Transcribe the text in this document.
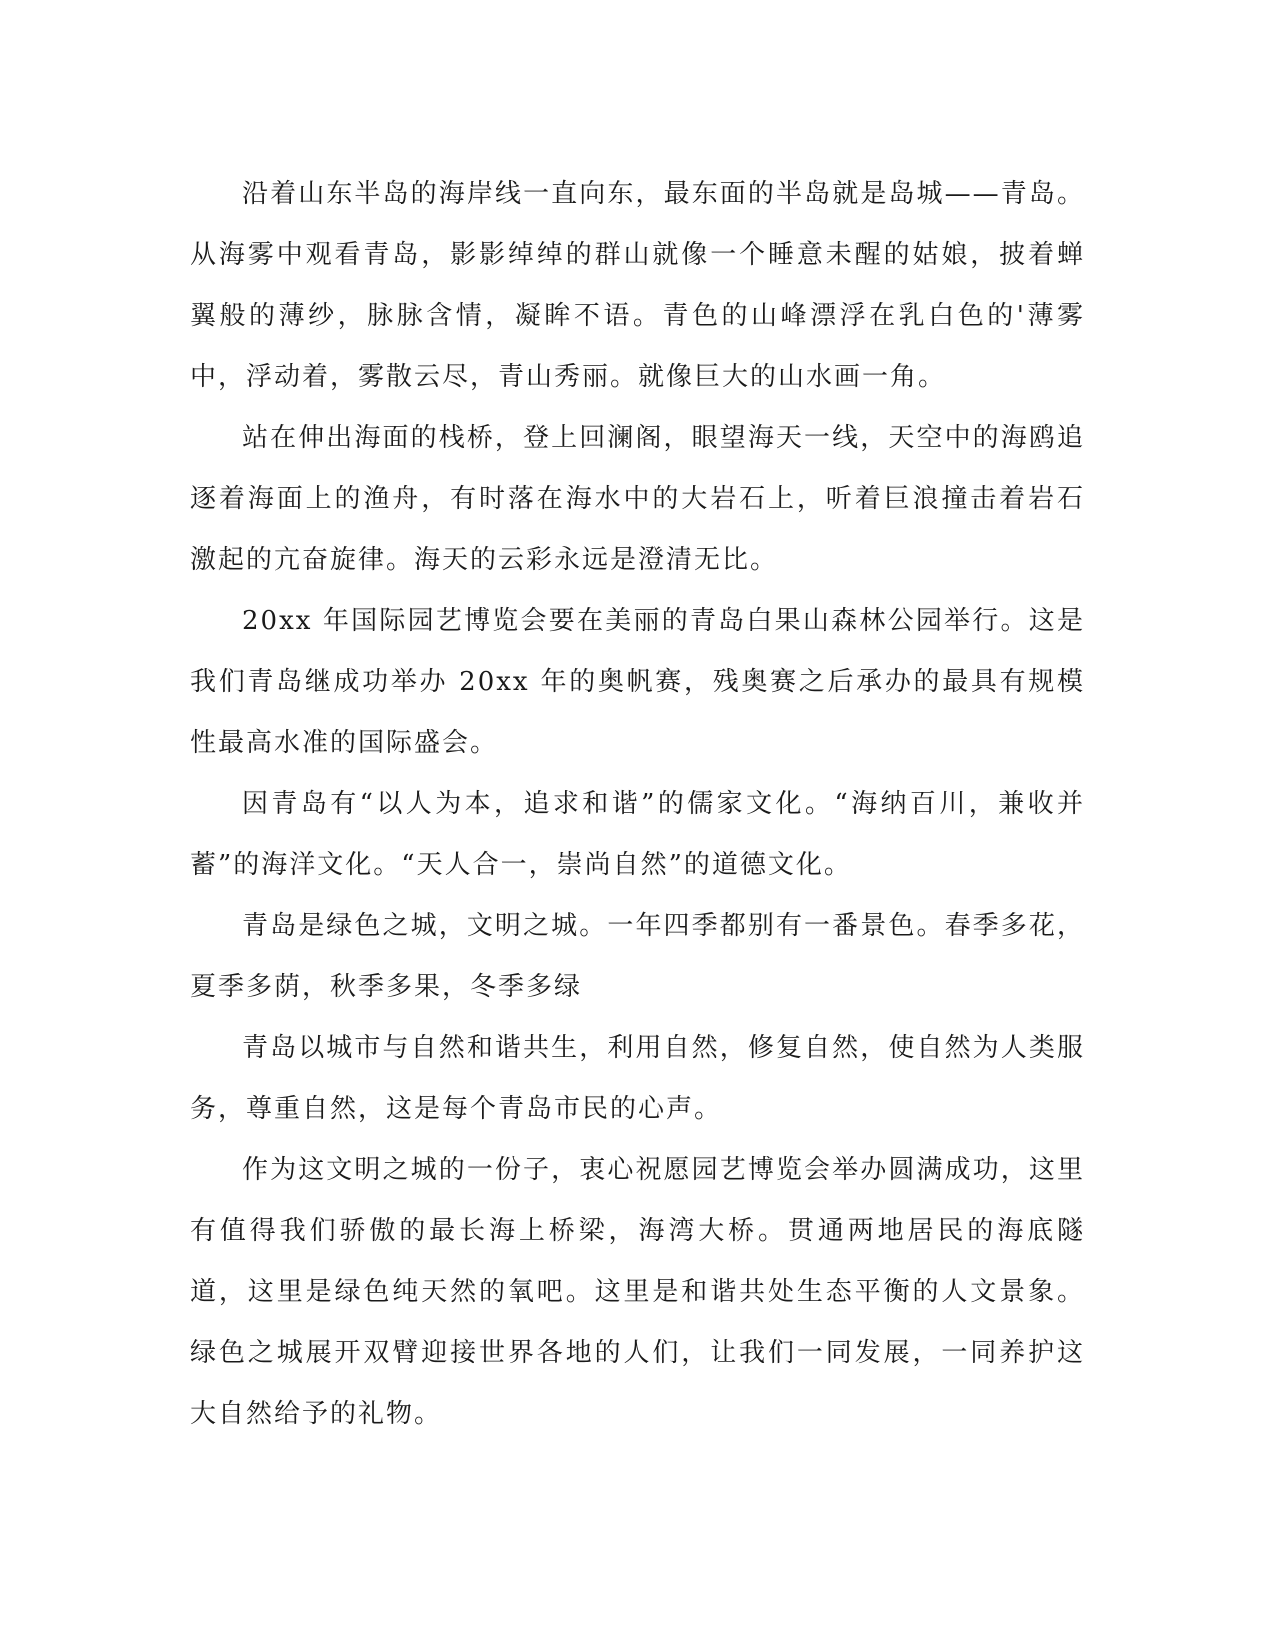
沿着山东半岛的海岸线一直向东，最东面的半岛就是岛城——青岛。从海雾中观看青岛，影影绰绰的群山就像一个睡意未醒的姑娘，披着蝉翼般的薄纱，脉脉含情，凝眸不语。青色的山峰漂浮在乳白色的'薄雾中，浮动着，雾散云尽，青山秀丽。就像巨大的山水画一角。

站在伸出海面的栈桥，登上回澜阁，眼望海天一线，天空中的海鸥追逐着海面上的渔舟，有时落在海水中的大岩石上，听着巨浪撞击着岩石激起的亢奋旋律。海天的云彩永远是澄清无比。

20xx 年国际园艺博览会要在美丽的青岛白果山森林公园举行。这是我们青岛继成功举办 20xx 年的奥帆赛，残奥赛之后承办的最具有规模性最高水准的国际盛会。

因青岛有“以人为本，追求和谐”的儒家文化。“海纳百川，兼收并蓄”的海洋文化。“天人合一，崇尚自然”的道德文化。

青岛是绿色之城，文明之城。一年四季都别有一番景色。春季多花，夏季多荫，秋季多果，冬季多绿

青岛以城市与自然和谐共生，利用自然，修复自然，使自然为人类服务，尊重自然，这是每个青岛市民的心声。

作为这文明之城的一份子，衷心祝愿园艺博览会举办圆满成功，这里有值得我们骄傲的最长海上桥梁，海湾大桥。贯通两地居民的海底隧道，这里是绿色纯天然的氧吧。这里是和谐共处生态平衡的人文景象。绿色之城展开双臂迎接世界各地的人们，让我们一同发展，一同养护这大自然给予的礼物。
